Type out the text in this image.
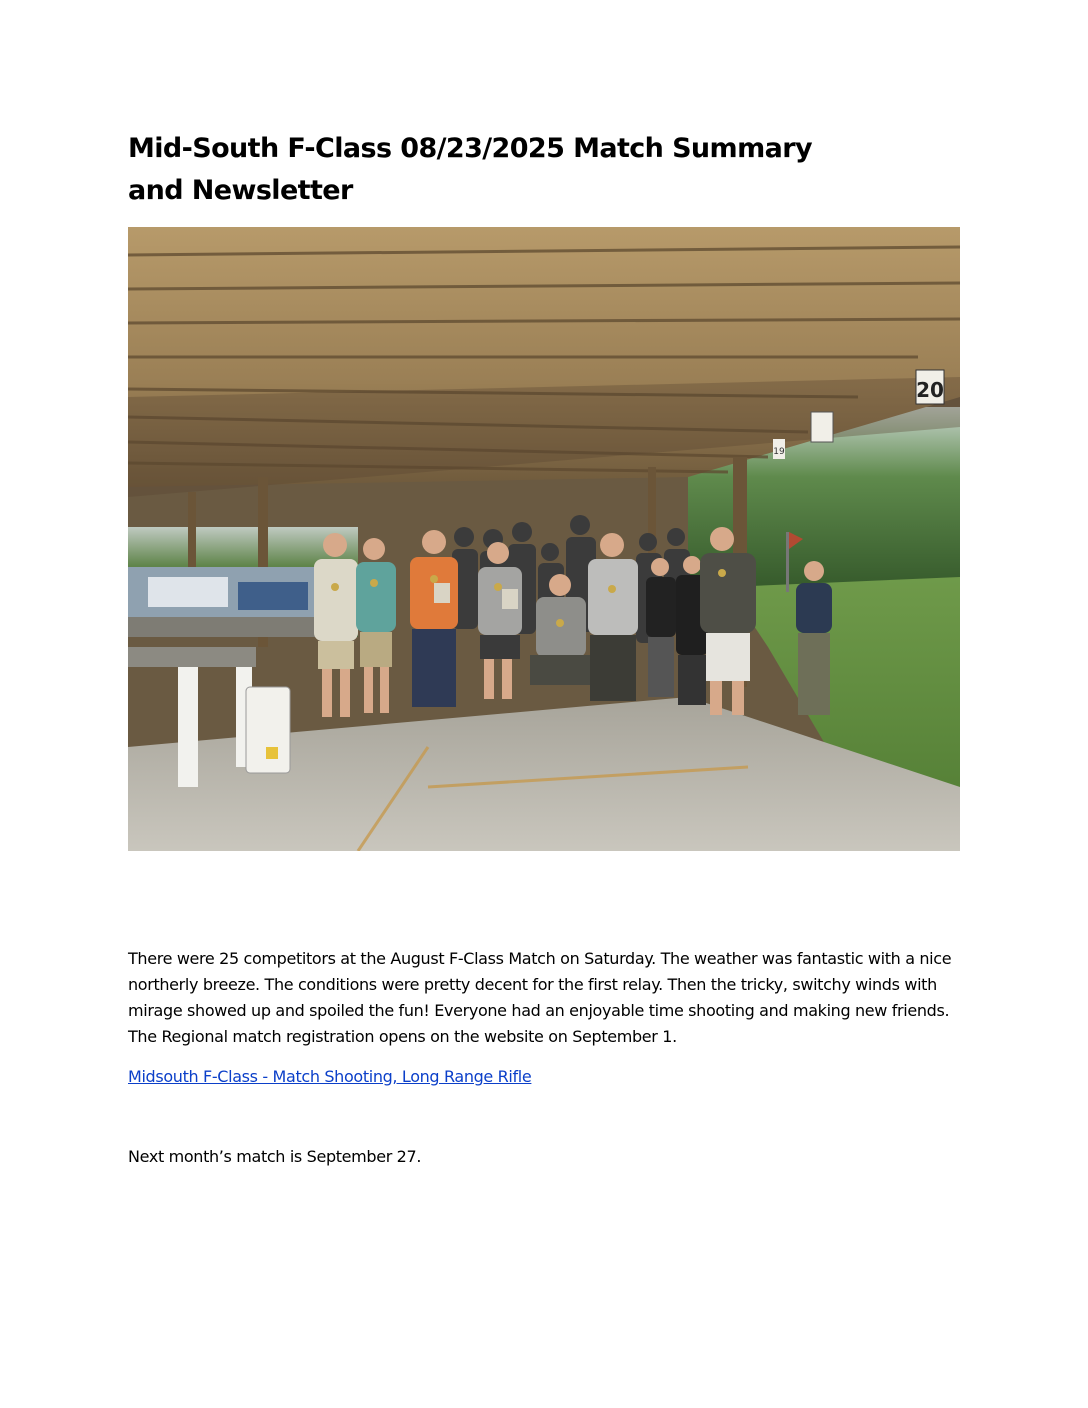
Mid-South F-Class 08/23/2025 Match Summary and Newsletter
20
19

There were 25 competitors at the August F-Class Match on Saturday. The weather was fantastic with a nice northerly breeze. The conditions were pretty decent for the first relay. Then the tricky, switchy winds with mirage showed up and spoiled the fun! Everyone had an enjoyable time shooting and making new friends. The Regional match registration opens on the website on September 1.

Midsouth F-Class - Match Shooting, Long Range Rifle

Next month’s match is September 27.
